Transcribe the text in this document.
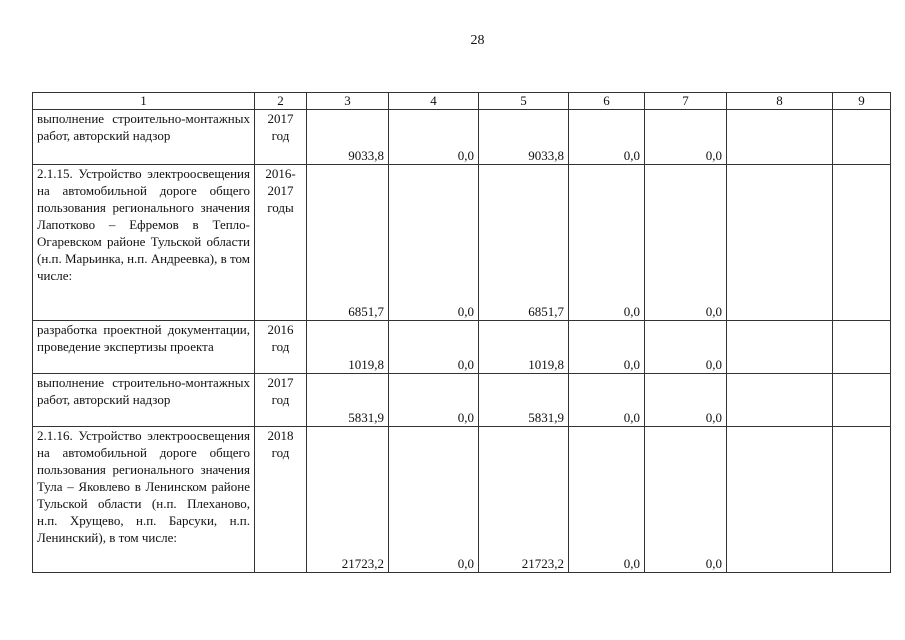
28
1	2	3	4	5	6	7	8	9
выполнение строительно-монтажных работ, авторский надзор	2017 год	9033,8	0,0	9033,8	0,0	0,0		
2.1.15. Устройство электроосвещения на автомобильной дороге общего пользования регионального значения Лапотково – Ефремов в Тепло-Огаревском районе Тульской области (н.п. Марьинка, н.п. Андреевка), в том числе:	2016-2017 годы	6851,7	0,0	6851,7	0,0	0,0		
разработка проектной документации, проведение экспертизы проекта	2016 год	1019,8	0,0	1019,8	0,0	0,0		
выполнение строительно-монтажных работ, авторский надзор	2017 год	5831,9	0,0	5831,9	0,0	0,0		
2.1.16. Устройство электроосвещения на автомобильной дороге общего пользования регионального значения Тула – Яковлево в Ленинском районе Тульской области (н.п. Плеханово, н.п. Хрущево, н.п. Барсуки, н.п. Ленинский), в том числе:	2018 год	21723,2	0,0	21723,2	0,0	0,0		
